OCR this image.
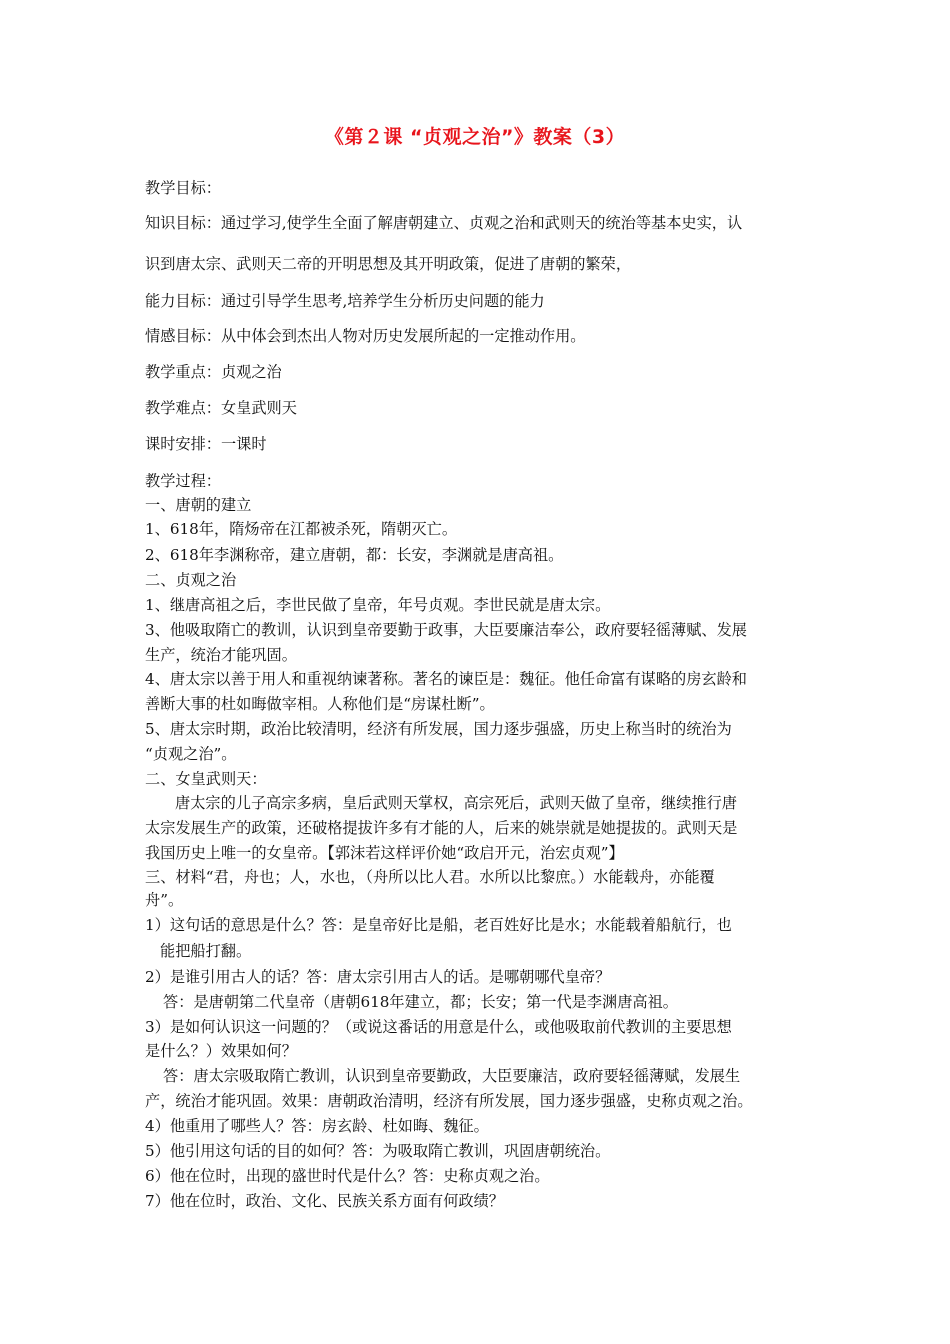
《第２课 “贞观之治”》教案（3）
教学目标：
知识目标：通过学习,使学生全面了解唐朝建立、贞观之治和武则天的统治等基本史实，认
识到唐太宗、武则天二帝的开明思想及其开明政策，促进了唐朝的繁荣，
能力目标：通过引导学生思考,培养学生分析历史问题的能力
情感目标：从中体会到杰出人物对历史发展所起的一定推动作用。
教学重点：贞观之治
教学难点：女皇武则天
课时安排：一课时
教学过程：
一、唐朝的建立
1、618年，隋炀帝在江都被杀死，隋朝灭亡。
2、618年李渊称帝，建立唐朝，都：长安，李渊就是唐高祖。
二、贞观之治
1、继唐高祖之后，李世民做了皇帝，年号贞观。李世民就是唐太宗。
3、他吸取隋亡的教训，认识到皇帝要勤于政事，大臣要廉洁奉公，政府要轻徭薄赋、发展
生产，统治才能巩固。
4、唐太宗以善于用人和重视纳谏著称。著名的谏臣是：魏征。他任命富有谋略的房玄龄和
善断大事的杜如晦做宰相。人称他们是“房谋杜断”。
5、唐太宗时期，政治比较清明，经济有所发展，国力逐步强盛，历史上称当时的统治为
“贞观之治”。
二、女皇武则天：
唐太宗的儿子高宗多病，皇后武则天掌权，高宗死后，武则天做了皇帝，继续推行唐
太宗发展生产的政策，还破格提拔许多有才能的人，后来的姚崇就是她提拔的。武则天是
我国历史上唯一的女皇帝。【郭沫若这样评价她“政启开元，治宏贞观”】
三、材料“君，舟也；人，水也，（舟所以比人君。水所以比黎庶。）水能载舟，亦能覆
舟”。
1）这句话的意思是什么？答：是皇帝好比是船，老百姓好比是水；水能载着船航行，也
能把船打翻。
2）是谁引用古人的话？答：唐太宗引用古人的话。是哪朝哪代皇帝？
答：是唐朝第二代皇帝（唐朝618年建立，都；长安；第一代是李渊唐高祖。
3）是如何认识这一问题的？（或说这番话的用意是什么，或他吸取前代教训的主要思想
是什么？）效果如何？
答：唐太宗吸取隋亡教训，认识到皇帝要勤政，大臣要廉洁，政府要轻徭薄赋，发展生
产，统治才能巩固。效果：唐朝政治清明，经济有所发展，国力逐步强盛，史称贞观之治。
4）他重用了哪些人？答：房玄龄、杜如晦、魏征。
5）他引用这句话的目的如何？答：为吸取隋亡教训，巩固唐朝统治。
6）他在位时，出现的盛世时代是什么？答：史称贞观之治。
7）他在位时，政治、文化、民族关系方面有何政绩？
